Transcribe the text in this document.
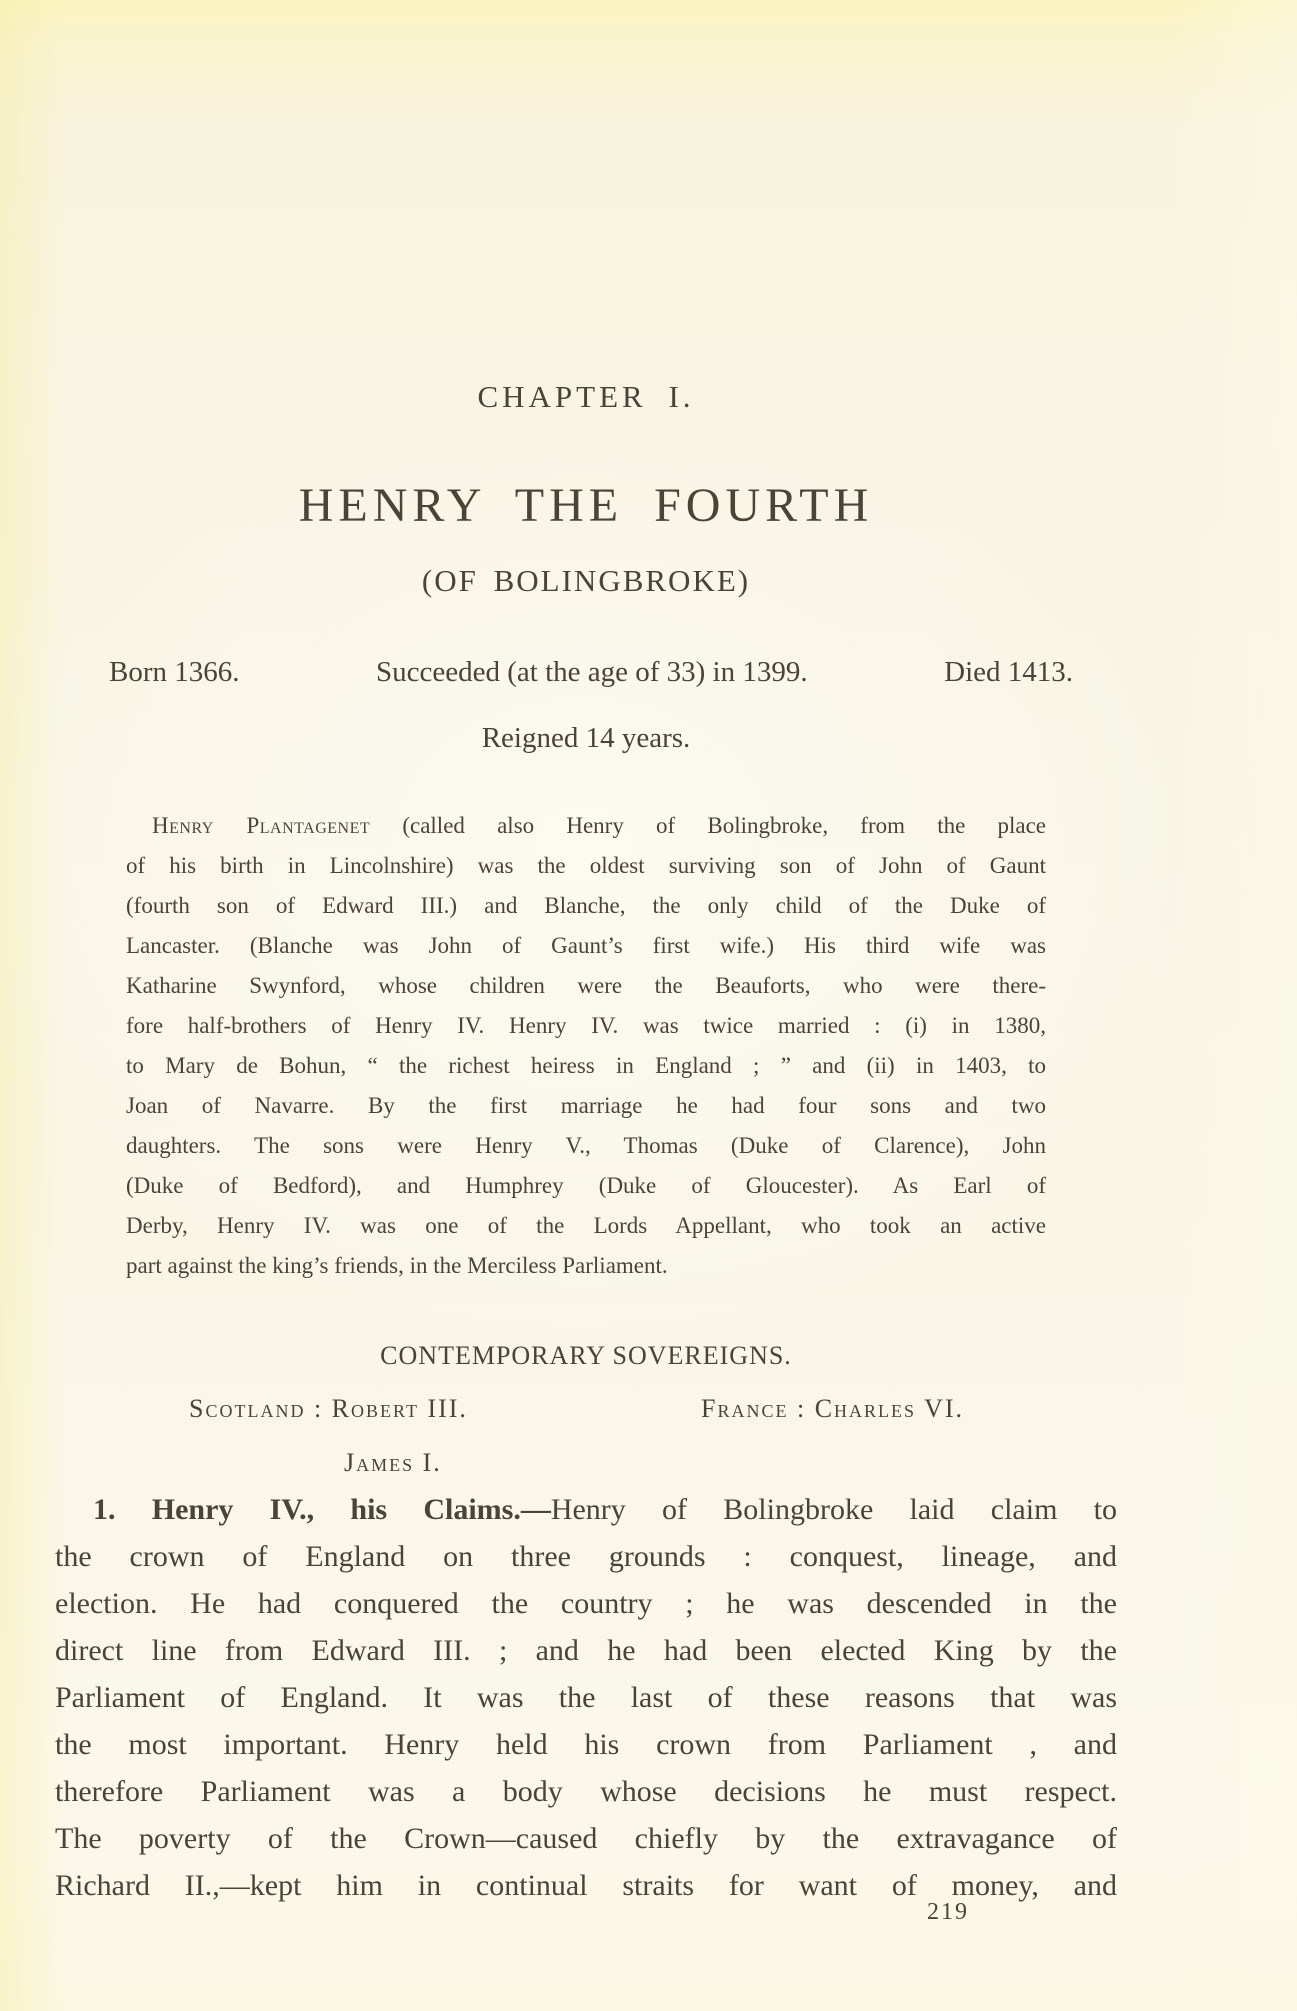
CHAPTER I.
HENRY THE FOURTH
(OF BOLINGBROKE)
Born 1366.	Succeeded (at the age of 33) in 1399.	Died 1413.
Reigned 14 years.
Henry Plantagenet (called also Henry of Bolingbroke, from the place
of his birth in Lincolnshire) was the oldest surviving son of John of Gaunt
(fourth son of Edward III.) and Blanche, the only child of the Duke of
Lancaster. (Blanche was John of Gaunt’s first wife.) His third wife was
Katharine Swynford, whose children were the Beauforts, who were there-
fore half-brothers of Henry IV. Henry IV. was twice married : (i) in 1380,
to Mary de Bohun, “ the richest heiress in England ; ” and (ii) in 1403, to
Joan of Navarre. By the first marriage he had four sons and two
daughters. The sons were Henry V., Thomas (Duke of Clarence), John
(Duke of Bedford), and Humphrey (Duke of Gloucester). As Earl of
Derby, Henry IV. was one of the Lords Appellant, who took an active
part against the king’s friends, in the Merciless Parliament.
CONTEMPORARY SOVEREIGNS.
Scotland : Robert III.	France : Charles VI.
James I.
1. Henry IV., his Claims.—Henry of Bolingbroke laid claim to
the crown of England on three grounds : conquest, lineage, and
election. He had conquered the country ; he was descended in the
direct line from Edward III. ; and he had been elected King by the
Parliament of England. It was the last of these reasons that was
the most important. Henry held his crown from Parliament , and
therefore Parliament was a body whose decisions he must respect.
The poverty of the Crown—caused chiefly by the extravagance of
Richard II.,—kept him in continual straits for want of money, and
219
